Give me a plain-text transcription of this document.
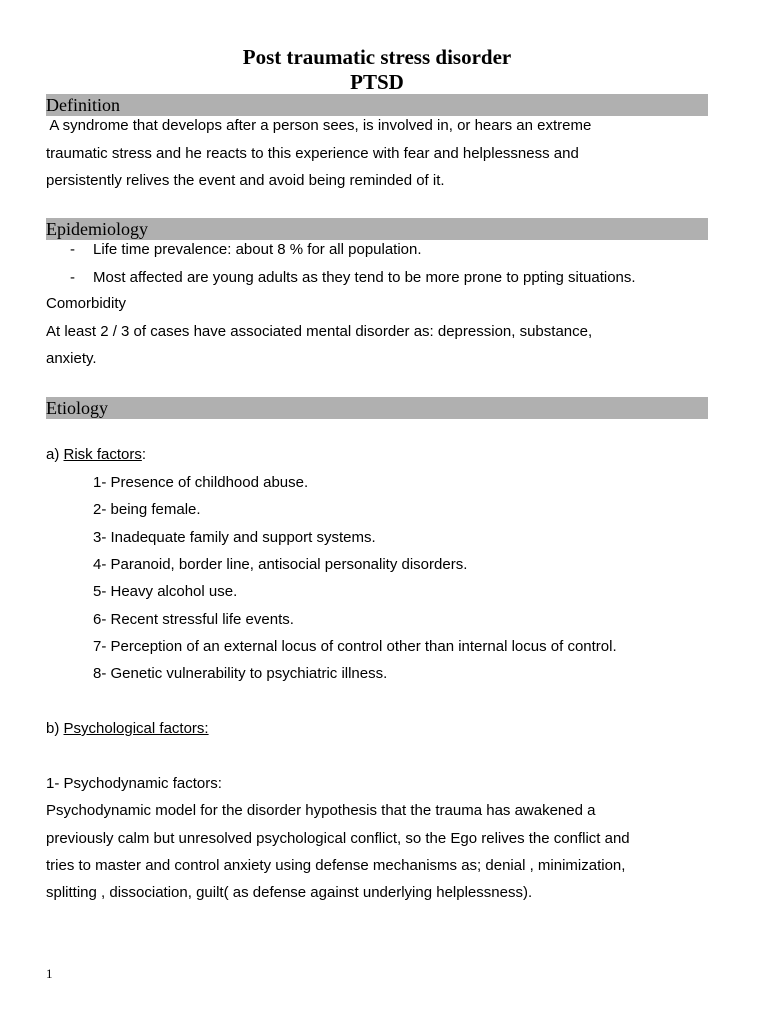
Post traumatic stress disorder
PTSD
Definition
A syndrome that develops after a person sees, is involved in, or hears an extreme
traumatic stress and he reacts to this experience with fear and helplessness and
persistently relives the event and avoid being reminded of it.
Epidemiology
- Life time prevalence: about 8 % for all population.
- Most affected are young adults as they tend to be more prone to ppting situations.
Comorbidity
At least 2 / 3 of cases have associated mental disorder as: depression, substance,
anxiety.
Etiology
a) Risk factors:
1- Presence of childhood abuse.
2- being female.
3- Inadequate family and support systems.
4- Paranoid, border line, antisocial personality disorders.
5- Heavy alcohol use.
6- Recent stressful life events.
7- Perception of an external locus of control other than internal locus of control.
8- Genetic vulnerability to psychiatric illness.
b) Psychological factors:
1- Psychodynamic factors:
Psychodynamic model for the disorder hypothesis that the trauma has awakened a
previously calm but unresolved psychological conflict, so the Ego relives the conflict and
tries to master and control anxiety using defense mechanisms as; denial , minimization,
splitting , dissociation, guilt( as defense against underlying helplessness).
1
